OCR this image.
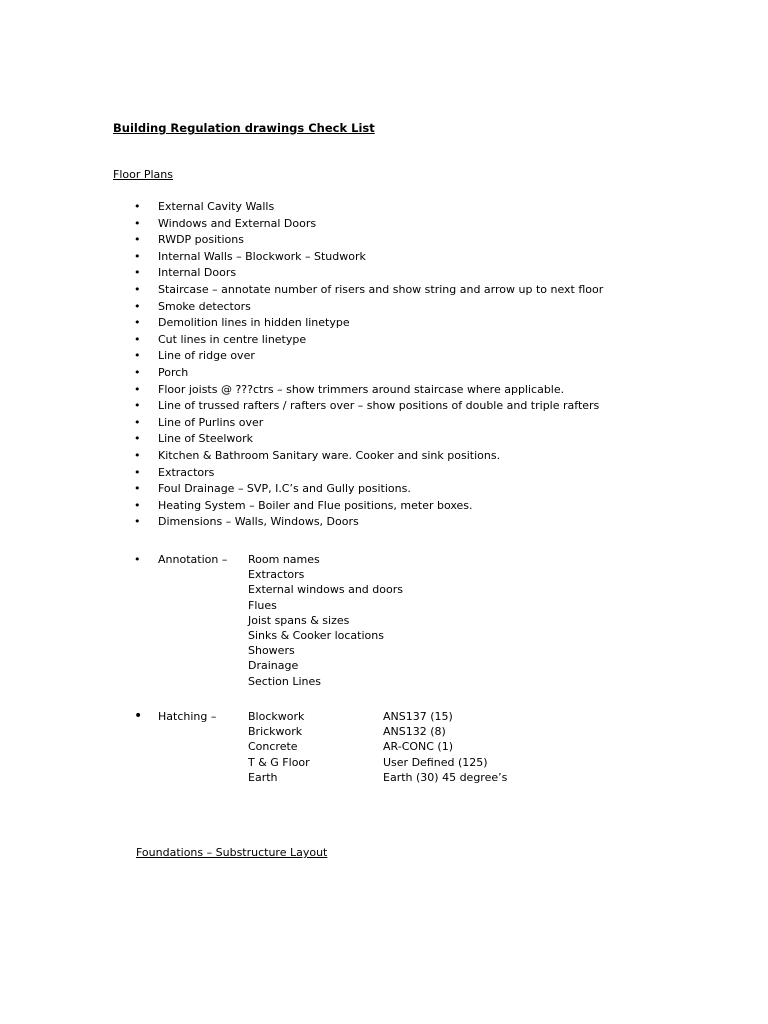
Building Regulation drawings Check List
Floor Plans
• External Cavity Walls
• Windows and External Doors
• RWDP positions
• Internal Walls – Blockwork – Studwork
• Internal Doors
• Staircase – annotate number of risers and show string and arrow up to next floor
• Smoke detectors
• Demolition lines in hidden linetype
• Cut lines in centre linetype
• Line of ridge over
• Porch
• Floor joists @ ???ctrs – show trimmers around staircase where applicable.
• Line of trussed rafters / rafters over – show positions of double and triple rafters
• Line of Purlins over
• Line of Steelwork
• Kitchen & Bathroom Sanitary ware. Cooker and sink positions.
• Extractors
• Foul Drainage – SVP, I.C’s and Gully positions.
• Heating System – Boiler and Flue positions, meter boxes.
• Dimensions – Walls, Windows, Doors
• Annotation – Room names
Extractors
External windows and doors
Flues
Joist spans & sizes
Sinks & Cooker locations
Showers
Drainage
Section Lines
• Hatching –	Blockwork
Brickwork
Concrete
T & G Floor
Earth
ANS137 (15)
ANS132 (8)
AR-CONC (1)
User Defined (125)
Earth (30) 45 degree’s
Foundations – Substructure Layout
